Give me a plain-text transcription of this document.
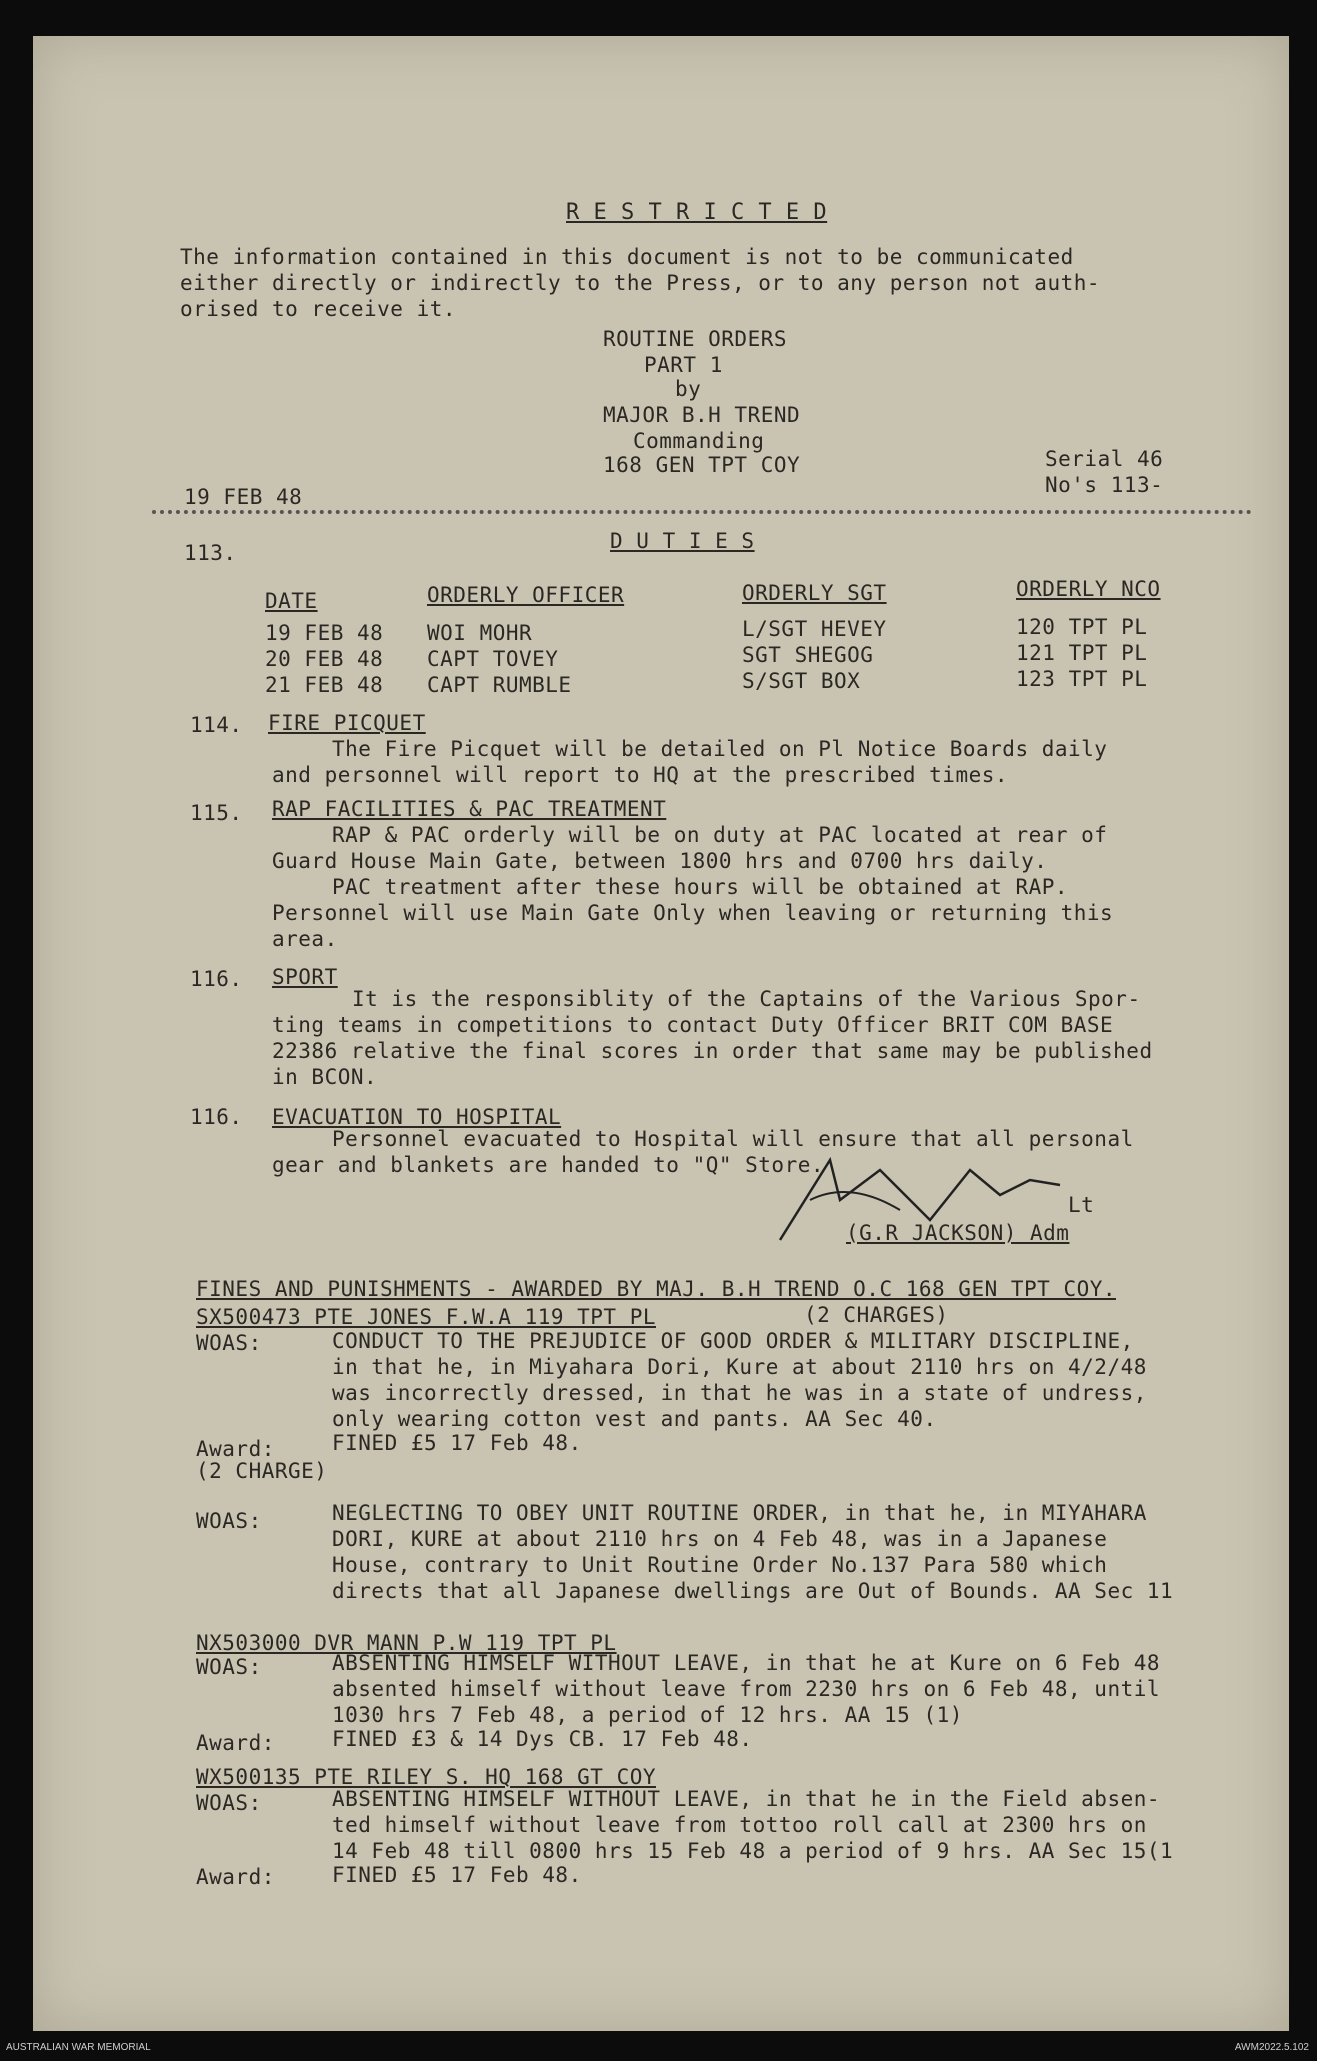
R E S T R I C T E D
The information contained in this document is not to be communicated
either directly or indirectly to the Press, or to any person not auth-
orised to receive it.
ROUTINE ORDERS
PART 1
by
MAJOR B.H TREND
Commanding
168 GEN TPT COY	Serial 46
No's 113-
19 FEB 48
113.	D U T I E S
DATE	ORDERLY OFFICER	ORDERLY SGT	ORDERLY NCO
19 FEB 48 WOI MOHR	L/SGT HEVEY	120 TPT PL
20 FEB 48 CAPT TOVEY	SGT SHEGOG	121 TPT PL
21 FEB 48 CAPT RUMBLE	S/SGT BOX	123 TPT PL
114. FIRE PICQUET
The Fire Picquet will be detailed on Pl Notice Boards daily
and personnel will report to HQ at the prescribed times.
115. RAP FACILITIES & PAC TREATMENT
RAP & PAC orderly will be on duty at PAC located at rear of
Guard House Main Gate, between 1800 hrs and 0700 hrs daily.
PAC treatment after these hours will be obtained at RAP.
Personnel will use Main Gate Only when leaving or returning this
area.
116. SPORT
It is the responsiblity of the Captains of the Various Spor-
ting teams in competitions to contact Duty Officer BRIT COM BASE
22386 relative the final scores in order that same may be published
in BCON.
116. EVACUATION TO HOSPITAL
Personnel evacuated to Hospital will ensure that all personal
gear and blankets are handed to "Q" Store.
Lt
(G.R JACKSON) Adm
FINES AND PUNISHMENTS - AWARDED BY MAJ. B.H TREND O.C 168 GEN TPT COY.
SX500473 PTE JONES F.W.A 119 TPT PL	(2 CHARGES)
WOAS:	CONDUCT TO THE PREJUDICE OF GOOD ORDER & MILITARY DISCIPLINE,
in that he, in Miyahara Dori, Kure at about 2110 hrs on 4/2/48
was incorrectly dressed, in that he was in a state of undress,
only wearing cotton vest and pants. AA Sec 40.
Award:	FINED £5 17 Feb 48.
(2 CHARGE)
WOAS:	NEGLECTING TO OBEY UNIT ROUTINE ORDER, in that he, in MIYAHARA
DORI, KURE at about 2110 hrs on 4 Feb 48, was in a Japanese
House, contrary to Unit Routine Order No.137 Para 580 which
directs that all Japanese dwellings are Out of Bounds. AA Sec 11
NX503000 DVR MANN P.W 119 TPT PL
WOAS:	ABSENTING HIMSELF WITHOUT LEAVE, in that he at Kure on 6 Feb 48
absented himself without leave from 2230 hrs on 6 Feb 48, until
1030 hrs 7 Feb 48, a period of 12 hrs. AA 15 (1)
Award:	FINED £3 & 14 Dys CB. 17 Feb 48.
WX500135 PTE RILEY S. HQ 168 GT COY
WOAS:	ABSENTING HIMSELF WITHOUT LEAVE, in that he in the Field absen-
ted himself without leave from tottoo roll call at 2300 hrs on
14 Feb 48 till 0800 hrs 15 Feb 48 a period of 9 hrs. AA Sec 15(1
Award:	FINED £5 17 Feb 48.
AUSTRALIAN WAR MEMORIAL	AWM2022.5.102
